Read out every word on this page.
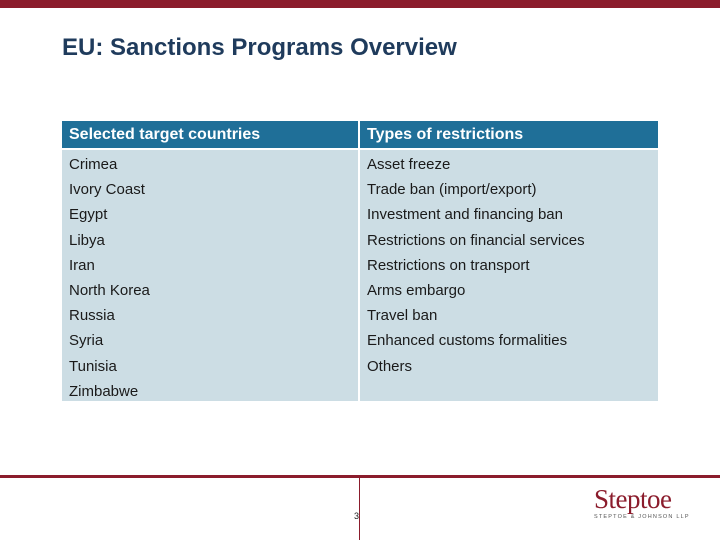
EU: Sanctions Programs Overview
Selected target countries	Types of restrictions
Crimea
Ivory Coast
Egypt
Libya
Iran
North Korea
Russia
Syria
Tunisia
Zimbabwe
Asset freeze
Trade ban (import/export)
Investment and financing ban
Restrictions on financial services
Restrictions on transport
Arms embargo
Travel ban
Enhanced customs formalities
Others
3
Steptoe
STEPTOE & JOHNSON LLP
